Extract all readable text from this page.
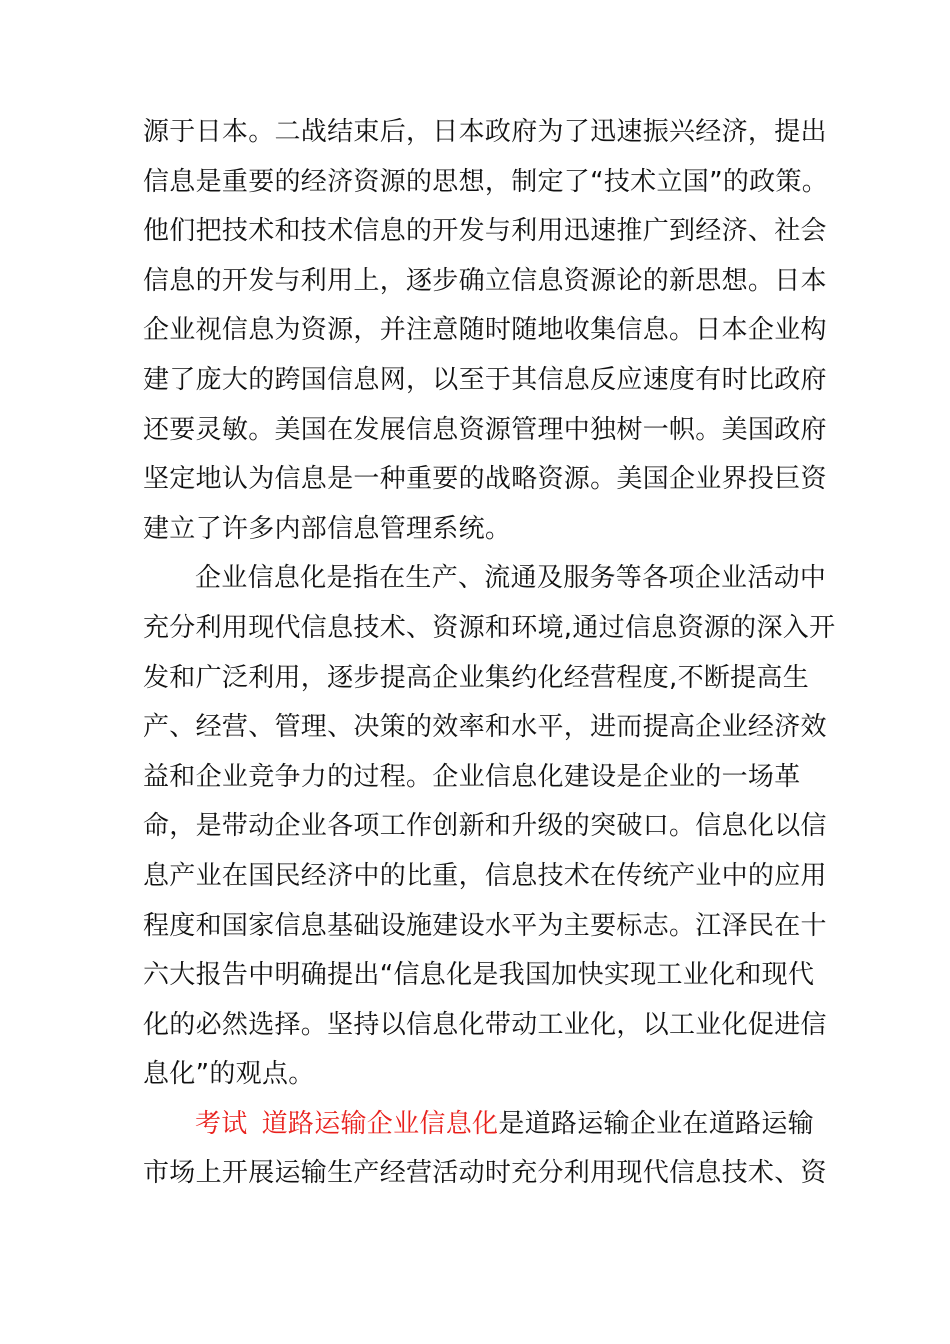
源于日本。二战结束后，日本政府为了迅速振兴经济，提出
信息是重要的经济资源的思想，制定了“技术立国”的政策。
他们把技术和技术信息的开发与利用迅速推广到经济、社会
信息的开发与利用上，逐步确立信息资源论的新思想。日本
企业视信息为资源，并注意随时随地收集信息。日本企业构
建了庞大的跨国信息网，以至于其信息反应速度有时比政府
还要灵敏。美国在发展信息资源管理中独树一帜。美国政府
坚定地认为信息是一种重要的战略资源。美国企业界投巨资
建立了许多内部信息管理系统。
企业信息化是指在生产、流通及服务等各项企业活动中
充分利用现代信息技术、资源和环境,通过信息资源的深入开
发和广泛利用，逐步提高企业集约化经营程度,不断提高生
产、经营、管理、决策的效率和水平，进而提高企业经济效
益和企业竞争力的过程。企业信息化建设是企业的一场革
命，是带动企业各项工作创新和升级的突破口。信息化以信
息产业在国民经济中的比重，信息技术在传统产业中的应用
程度和国家信息基础设施建设水平为主要标志。江泽民在十
六大报告中明确提出“信息化是我国加快实现工业化和现代
化的必然选择。坚持以信息化带动工业化，以工业化促进信
息化”的观点。
考试 道路运输企业信息化是道路运输企业在道路运输
市场上开展运输生产经营活动时充分利用现代信息技术、资
